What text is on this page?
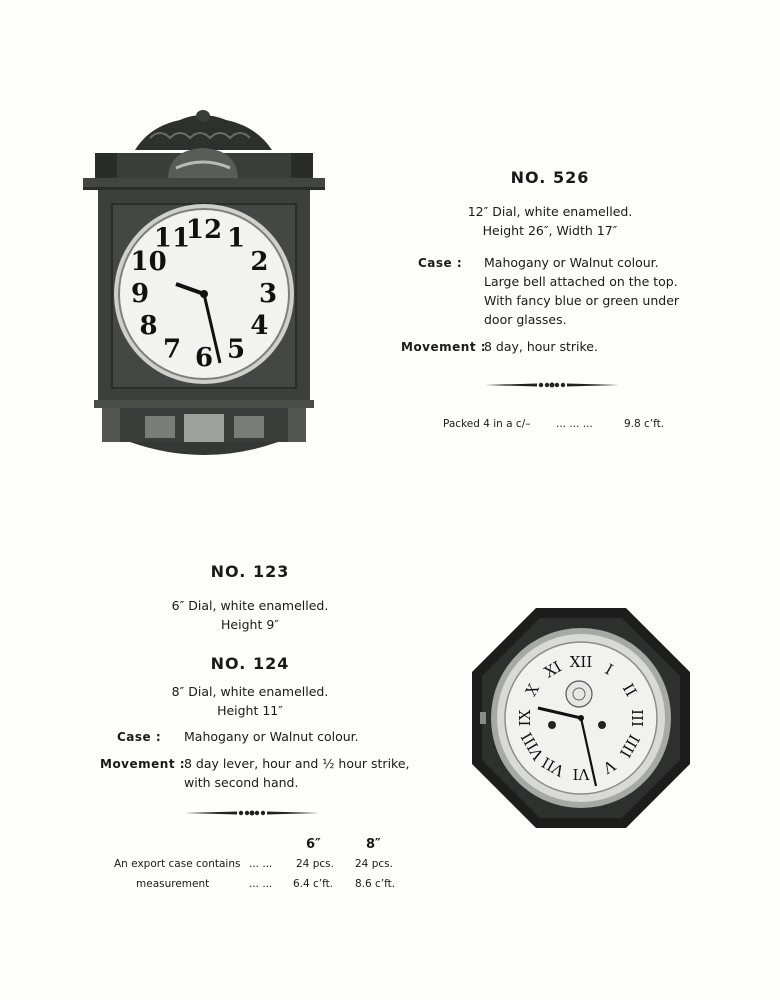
12 1
2
3
4
5
6
7
8
9
10
11
NO. 526
12″ Dial, white enamelled.
Height 26″, Width 17″
Case : Mahogany or Walnut colour.
Large bell attached on the top.
With fancy blue or green under
door glasses.
Movement :
8 day, hour strike.
Packed 4 in a c/– ... ... ...	9.8 c’ft.
NO. 123
6″ Dial, white enamelled.
Height 9″
NO. 124
8″ Dial, white enamelled.
Height 11″
Case : Mahogany or Walnut colour.
Movement :
8 day lever, hour and ½ hour strike,
with second hand.
6″	8″
An export case contains ... ... 24 pcs. 24 pcs.
measurement	... ... 6.4 c’ft. 8.6 c’ft.
XII I
II
III
IIII
V
VI
VII
VIII
IX
X
XI
